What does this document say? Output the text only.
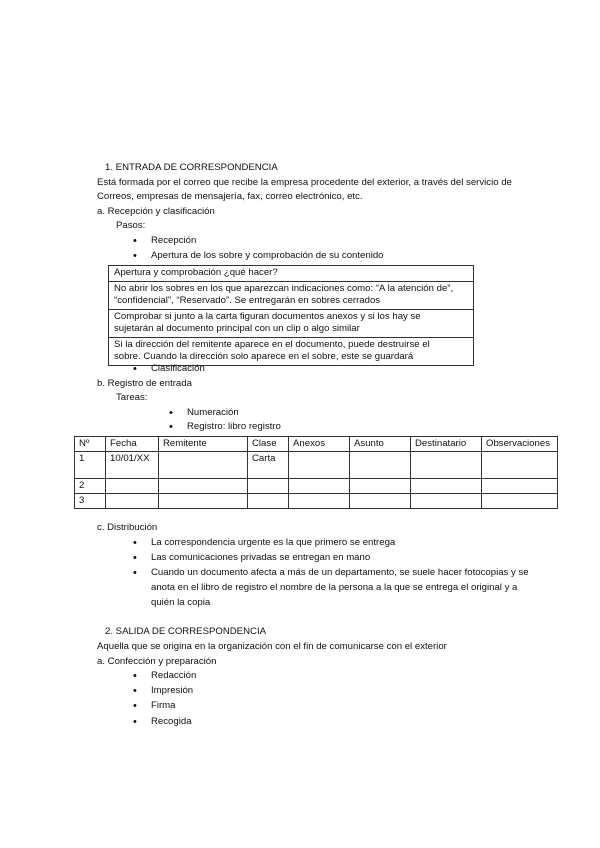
1. ENTRADA DE CORRESPONDENCIA
Está formada por el correo que recibe la empresa procedente del exterior, a través del servicio de
Correos, empresas de mensajería, fax, correo electrónico, etc.
a. Recepción y clasificación
Pasos:
• Recepción
• Apertura de los sobre y comprobación de su contenido
Apertura y comprobación ¿qué hacer?
No abrir los sobres en los que aparezcan indicaciones como: “A la atención de”,
“confidencial”, “Reservado”. Se entregarán en sobres cerrados
Comprobar si junto a la carta figuran documentos anexos y si los hay se
sujetarán al documento principal con un clip o algo similar
Si la dirección del remitente aparece en el documento, puede destruirse el
sobre. Cuando la dirección solo aparece en el sobre, este se guardará
• Clasificación
b. Registro de entrada
Tareas:
• Numeración
• Registro: libro registro
Nº	Fecha	Remitente	Clase	Anexos	Asunto	Destinatario	Observaciones
1	10/01/XX		Carta				
2							
3							
c. Distribución
• La correspondencia urgente es la que primero se entrega
• Las comunicaciones privadas se entregan en mano
• Cuando un documento afecta a más de un departamento, se suele hacer fotocopias y se
anota en el libro de registro el nombre de la persona a la que se entrega el original y a
quién la copia
2. SALIDA DE CORRESPONDENCIA
Aquella que se origina en la organización con el fin de comunicarse con el exterior
a. Confección y preparación
• Redacción
• Impresión
• Firma
• Recogida
